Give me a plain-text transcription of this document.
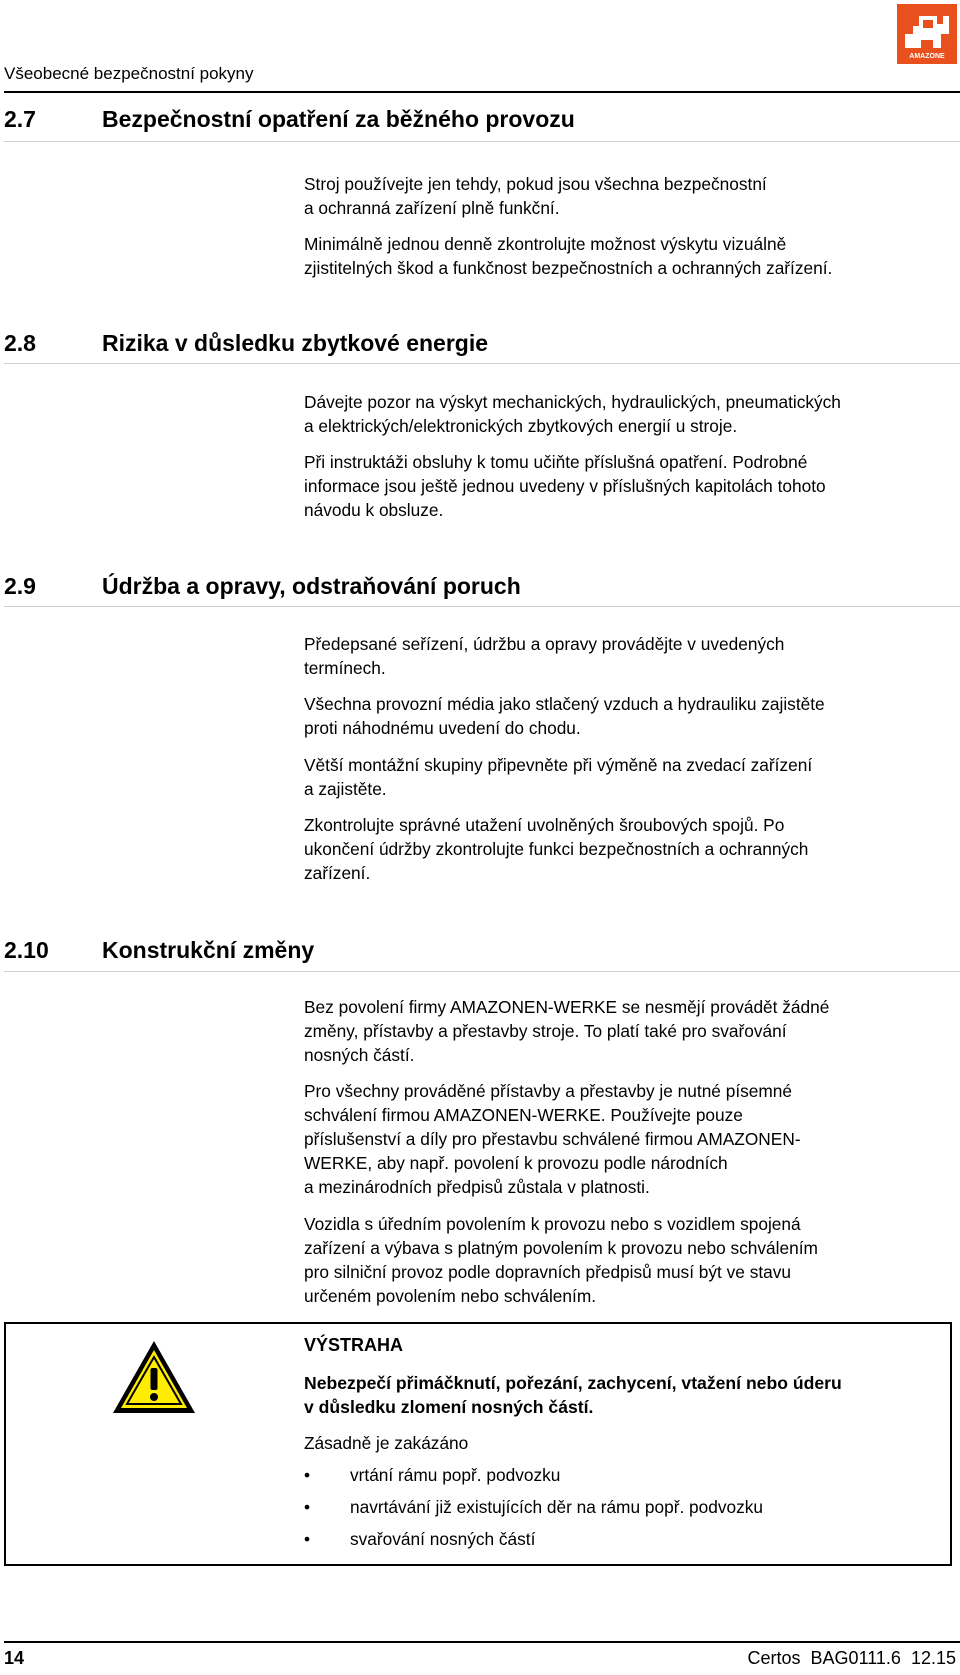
Všeobecné bezpečnostní pokyny
AMAZONE
2.7	Bezpečnostní opatření za běžného provozu

Stroj používejte jen tehdy, pokud jsou všechna bezpečnostní
a ochranná zařízení plně funkční.

Minimálně jednou denně zkontrolujte možnost výskytu vizuálně
zjistitelných škod a funkčnost bezpečnostních a ochranných zařízení.

2.8	Rizika v důsledku zbytkové energie

Dávejte pozor na výskyt mechanických, hydraulických, pneumatických
a elektrických/elektronických zbytkových energií u stroje.

Při instruktáži obsluhy k tomu učiňte příslušná opatření. Podrobné
informace jsou ještě jednou uvedeny v příslušných kapitolách tohoto
návodu k obsluze.

2.9	Údržba a opravy, odstraňování poruch

Předepsané seřízení, údržbu a opravy provádějte v uvedených
termínech.

Všechna provozní média jako stlačený vzduch a hydrauliku zajistěte
proti náhodnému uvedení do chodu.

Větší montážní skupiny připevněte při výměně na zvedací zařízení
a zajistěte.

Zkontrolujte správné utažení uvolněných šroubových spojů. Po
ukončení údržby zkontrolujte funkci bezpečnostních a ochranných
zařízení.

2.10 Konstrukční změny

Bez povolení firmy AMAZONEN-WERKE se nesmějí provádět žádné
změny, přístavby a přestavby stroje. To platí také pro svařování
nosných částí.

Pro všechny prováděné přístavby a přestavby je nutné písemné
schválení firmou AMAZONEN-WERKE. Používejte pouze
příslušenství a díly pro přestavbu schválené firmou AMAZONEN-
WERKE, aby např. povolení k provozu podle národních
a mezinárodních předpisů zůstala v platnosti.

Vozidla s úředním povolením k provozu nebo s vozidlem spojená
zařízení a výbava s platným povolením k provozu nebo schválením
pro silniční provoz podle dopravních předpisů musí být ve stavu
určeném povolením nebo schválením.

VÝSTRAHA
Nebezpečí přimáčknutí, pořezání, zachycení, vtažení nebo úderu
v důsledku zlomení nosných částí.
Zásadně je zakázáno
• vrtání rámu popř. podvozku
• navrtávání již existujících děr na rámu popř. podvozku
• svařování nosných částí
14	Certos  BAG0111.6  12.15
